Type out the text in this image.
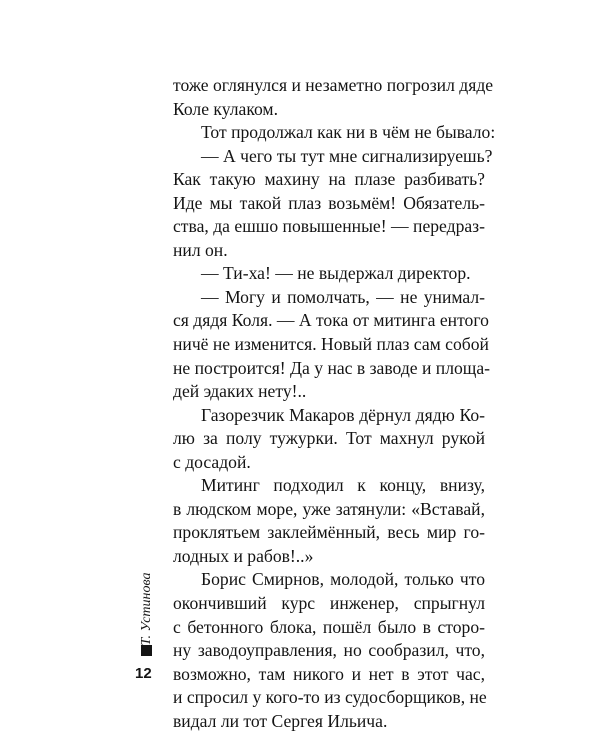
тоже оглянулся и незаметно погрозил дяде
Коле кулаком.
Тот продолжал как ни в чём не бывало:
— А чего ты тут мне сигнализируешь?
Как такую махину на плазе разбивать?
Иде мы такой плаз возьмём! Обязатель-
ства, да ешшо повышенные! — передраз-
нил он.
— Ти-ха! — не выдержал директор.
— Могу и помолчать, — не унимал-
ся дядя Коля. — А тока от митинга ентого
ничё не изменится. Новый плаз сам собой
не построится! Да у нас в заводе и площа-
дей эдаких нету!..
Газорезчик Макаров дёрнул дядю Ко-
лю за полу тужурки. Тот махнул рукой
с досадой.
Митинг подходил к концу, внизу,
в людском море, уже затянули: «Вставай,
проклятьем заклеймённый, весь мир го-
лодных и рабов!..»
Борис Смирнов, молодой, только что
окончивший курс инженер, спрыгнул
с бетонного блока, пошёл было в сторо-
ну заводоуправления, но сообразил, что,
возможно, там никого и нет в этот час,
и спросил у кого-то из судосборщиков, не
видал ли тот Сергея Ильича.
Т. Устинова
12
